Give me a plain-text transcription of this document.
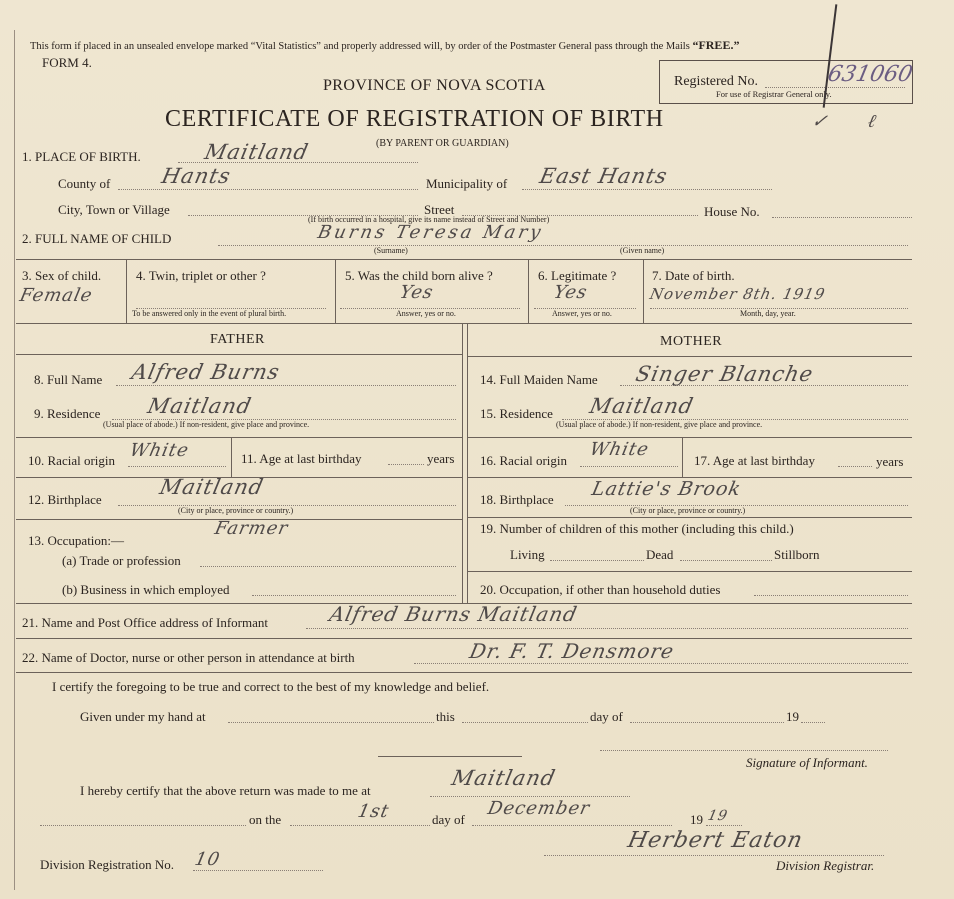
This form if placed in an unsealed envelope marked “Vital Statistics” and properly addressed will, by order of the Postmaster General pass through the Mails “FREE.”
FORM 4.
PROVINCE OF NOVA SCOTIA
CERTIFICATE OF REGISTRATION OF BIRTH
(BY PARENT OR GUARDIAN)
Registered No.
For use of Registrar General only.
631060
ℓ
✓
1. PLACE OF BIRTH.	Maitland
County of Hants	Municipality of East Hants
City, Town or Village	Street
(If birth occurred in a hospital, give its name instead of Street and Number)
House No.
2. FULL NAME OF CHILD	Burns Teresa Mary
(Surname)	(Given name)
3. Sex of child.
Female
4. Twin, triplet or other ?
To be answered only in the event of plural birth.
5. Was the child born alive ?
Yes
Answer, yes or no.
6. Legitimate ?
Yes
Answer, yes or no.
7. Date of birth.
November 8th. 1919
Month, day, year.
FATHER	MOTHER
8. Full Name Alfred Burns
9. Residence Maitland
(Usual place of abode.) If non-resident, give place and province.
10. Racial origin White	11. Age at last birthday	years
12. Birthplace
Maitland
(City or place, province or country.)
13. Occupation:—
Farmer
(a) Trade or profession
(b) Business in which employed
14. Full Maiden Name Singer Blanche
15. Residence Maitland
(Usual place of abode.) If non-resident, give place and province.
16. Racial origin
White
17. Age at last birthday	years
18. Birthplace Lattie's Brook
(City or place, province or country.)
19. Number of children of this mother (including this child.)
Living	Dead	Stillborn
20. Occupation, if other than household duties
21. Name and Post Office address of Informant	Alfred Burns Maitland
22. Name of Doctor, nurse or other person in attendance at birth	Dr. F. T. Densmore
I certify the foregoing to be true and correct to the best of my knowledge and belief.
Given under my hand at	this	day of	19
Signature of Informant.
I hereby certify that the above return was made to me at
Maitland
on the	1st	day of
December
19 19
Herbert Eaton
Division Registrar.
Division Registration No. 10
